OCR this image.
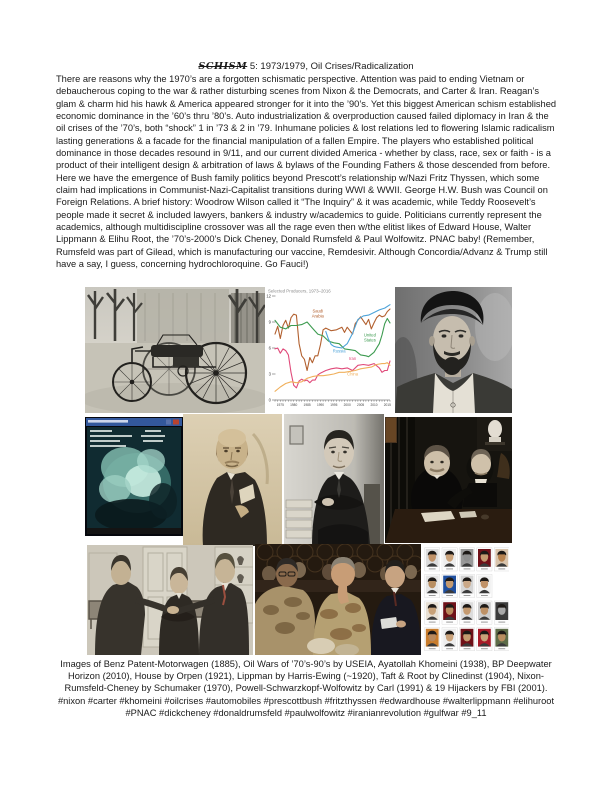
SCHISM 5: 1973/1979, Oil Crises/Radicalization
There are reasons why the 1970’s are a forgotten schismatic perspective. Attention was paid to ending Vietnam or debaucherous coping to the war & rather disturbing scenes from Nixon & the Democrats, and Carter & Iran. Reagan’s glam & charm hid his hawk & America appeared stronger for it into the ’90’s. Yet this biggest American schism established economic dominance in the ’60’s thru ’80’s. Auto industrialization & overproduction caused failed diplomacy in Iran & the oil crises of the ’70’s, both “shock” 1 in ’73 & 2 in ’79. Inhumane policies & lost relations led to flowering Islamic radicalism lasting generations & a facade for the financial manipulation of a fallen Empire. The players who established political dominance in those decades resound in 9/11, and our current divided America - whether by class, race, sex or faith - is a product of their intelligent design & arbitration of laws & bylaws of the Founding Fathers & those descended from before. Here we have the emergence of Bush family politics beyond Prescott’s relationship w/Nazi Fritz Thyssen, which some claim had implications in Communist-Nazi-Capitalist transitions during WWI & WWII. George H.W. Bush was Council on Foreign Relations. A brief history: Woodrow Wilson called it “The Inquiry” & it was academic, while Teddy Roosevelt’s people made it secret & included lawyers, bankers & industry w/academics to guide. Politicians currently represent the academics, although multidiscipline crossover was all the rage even then w/the elitist likes of Edward House, Walter Lippmann & Elihu Root, the ’70’s-2000’s Dick Cheney, Donald Rumsfeld & Paul Wolfowitz. PNAC baby! (Remember, Rumsfeld was part of Gilead, which is manufacturing our vaccine, Remdesivir. Although Concordia/Advanz & Trump still have a say, I guess, concerning hydrochloroquine. Go Fauci!)
Selected Producers, 1973–2016
0
3
6
9
12
1975 1980 1985 1990 1995 2000 2005 2010 2015
Saudi
Arabia
United
States
Russia
Iran
China
Images of Benz Patent-Motorwagen (1885), Oil Wars of ’70’s-90’s by USEIA, Ayatollah Khomeini (1938), BP Deepwater Horizon (2010), House by Orpen (1921), Lippman by Harris-Ewing (~1920), Taft & Root by Clinedinst (1904), Nixon-Rumsfeld-Cheney by Schumaker (1970), Powell-Schwarzkopf-Wolfowitz by Carl (1991) & 19 Hijackers by FBI (2001). #nixon #carter #khomeini #oilcrises #automobiles #prescottbush #fritzthyssen #edwardhouse #walterlippmann #elihuroot #PNAC #dickcheney #donaldrumsfeld #paulwolfowitz #iranianrevolution #gulfwar #9_11
